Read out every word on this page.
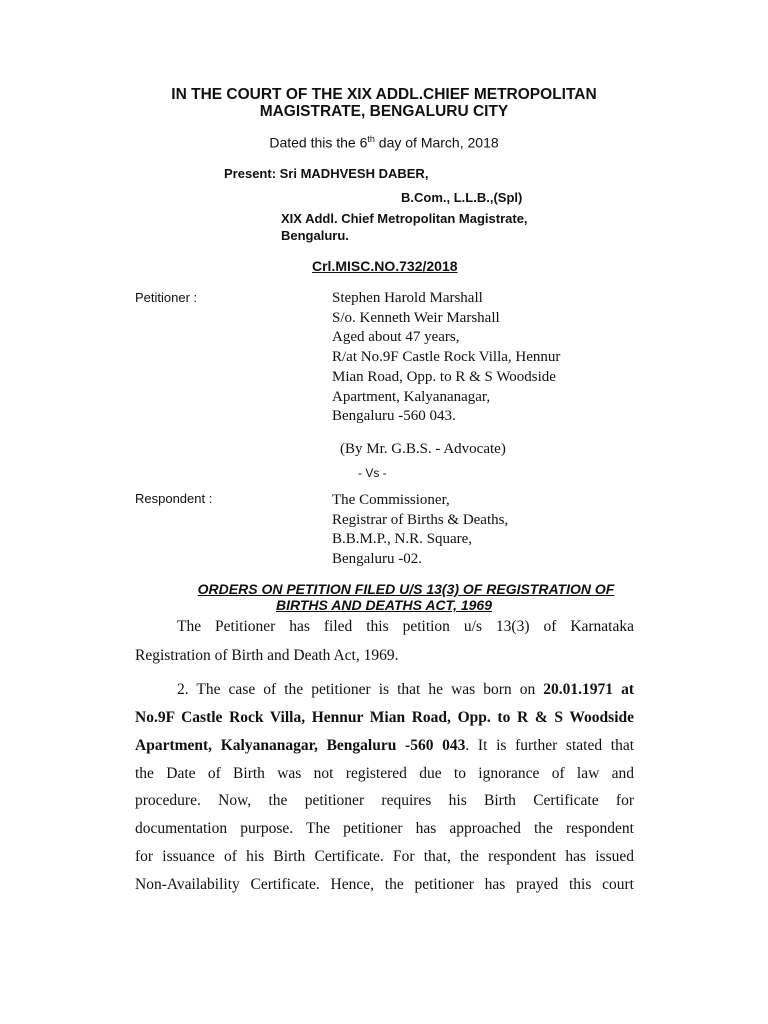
IN THE COURT OF THE XIX ADDL.CHIEF METROPOLITAN
MAGISTRATE, BENGALURU CITY
Dated this the 6th day of March, 2018
Present: Sri MADHVESH DABER,
B.Com., L.L.B.,(Spl)
XIX Addl. Chief Metropolitan Magistrate,
Bengaluru.
Crl.MISC.NO.732/2018
Petitioner :	Stephen Harold Marshall
S/o. Kenneth Weir Marshall
Aged about 47 years,
R/at No.9F Castle Rock Villa, Hennur
Mian Road, Opp. to R & S Woodside
Apartment, Kalyananagar,
Bengaluru -560 043.
(By Mr. G.B.S. - Advocate)
- Vs -
Respondent :	The Commissioner,
Registrar of Births & Deaths,
B.B.M.P., N.R. Square,
Bengaluru -02.
ORDERS ON PETITION FILED U/S 13(3) OF REGISTRATION OF
BIRTHS AND DEATHS ACT, 1969
The Petitioner has filed this petition u/s 13(3) of Karnataka
Registration of Birth and Death Act, 1969.
2. The case of the petitioner is that he was born on 20.01.1971 at
No.9F Castle Rock Villa, Hennur Mian Road, Opp. to R & S Woodside
Apartment, Kalyananagar, Bengaluru -560 043. It is further stated that
the Date of Birth was not registered due to ignorance of law and
procedure. Now, the petitioner requires his Birth Certificate for
documentation purpose. The petitioner has approached the respondent
for issuance of his Birth Certificate. For that, the respondent has issued
Non-Availability Certificate. Hence, the petitioner has prayed this court
